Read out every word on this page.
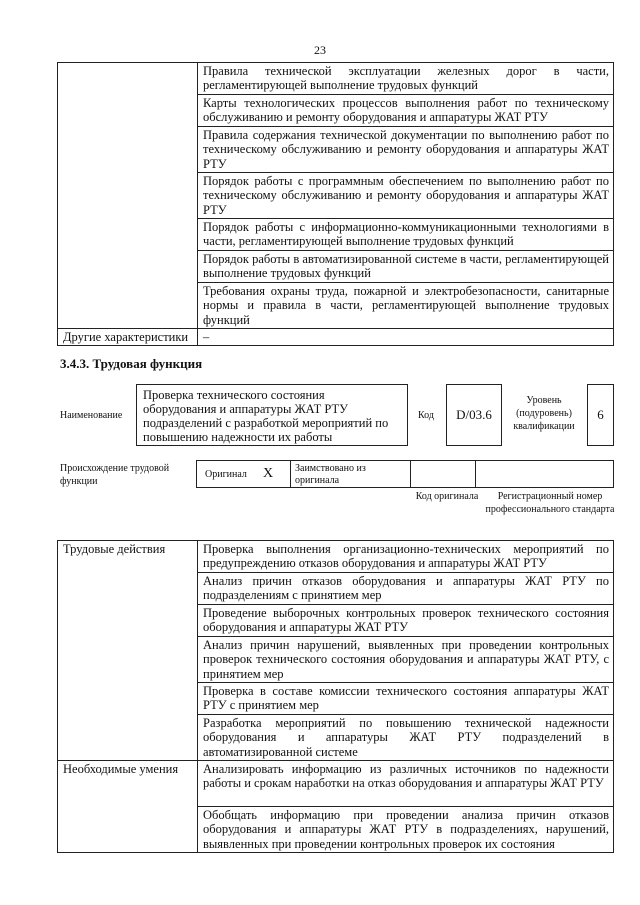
23
	Правила технической эксплуатации железных дорог в части, регламентирующей выполнение трудовых функций
	Карты технологических процессов выполнения работ по техническому обслуживанию и ремонту оборудования и аппаратуры ЖАТ РТУ
	Правила содержания технической документации по выполнению работ по техническому обслуживанию и ремонту оборудования и аппаратуры ЖАТ РТУ
	Порядок работы с программным обеспечением по выполнению работ по техническому обслуживанию и ремонту оборудования и аппаратуры ЖАТ РТУ
	Порядок работы с информационно-коммуникационными технологиями в части, регламентирующей выполнение трудовых функций
	Порядок работы в автоматизированной системе в части, регламентирующей выполнение трудовых функций
	Требования охраны труда, пожарной и электробезопасности, санитарные нормы и правила в части, регламентирующей выполнение трудовых функций
Другие характеристики	–
3.4.3. Трудовая функция
Наименование
Проверка технического состояния оборудования и аппаратуры ЖАТ РТУ подразделений с разработкой мероприятий по повышению надежности их работы
Код	D/03.6
Уровень (подуровень) квалификации
6
Происхождение трудовой функции
Оригинал X Заимствовано из оригинала
Код оригинала	Регистрационный номер профессионального стандарта
Трудовые действия	Проверка выполнения организационно-технических мероприятий по предупреждению отказов оборудования и аппаратуры ЖАТ РТУ
	Анализ причин отказов оборудования и аппаратуры ЖАТ РТУ по подразделениям с принятием мер
	Проведение выборочных контрольных проверок технического состояния оборудования и аппаратуры ЖАТ РТУ
	Анализ причин нарушений, выявленных при проведении контрольных проверок технического состояния оборудования и аппаратуры ЖАТ РТУ, с принятием мер
	Проверка в составе комиссии технического состояния аппаратуры ЖАТ РТУ с принятием мер
	Разработка мероприятий по повышению технической надежности оборудования и аппаратуры ЖАТ РТУ подразделений в автоматизированной системе
Необходимые умения	Анализировать информацию из различных источников по надежности работы и срокам наработки на отказ оборудования и аппаратуры ЖАТ РТУ
	Обобщать информацию при проведении анализа причин отказов оборудования и аппаратуры ЖАТ РТУ в подразделениях, нарушений, выявленных при проведении контрольных проверок их состояния
